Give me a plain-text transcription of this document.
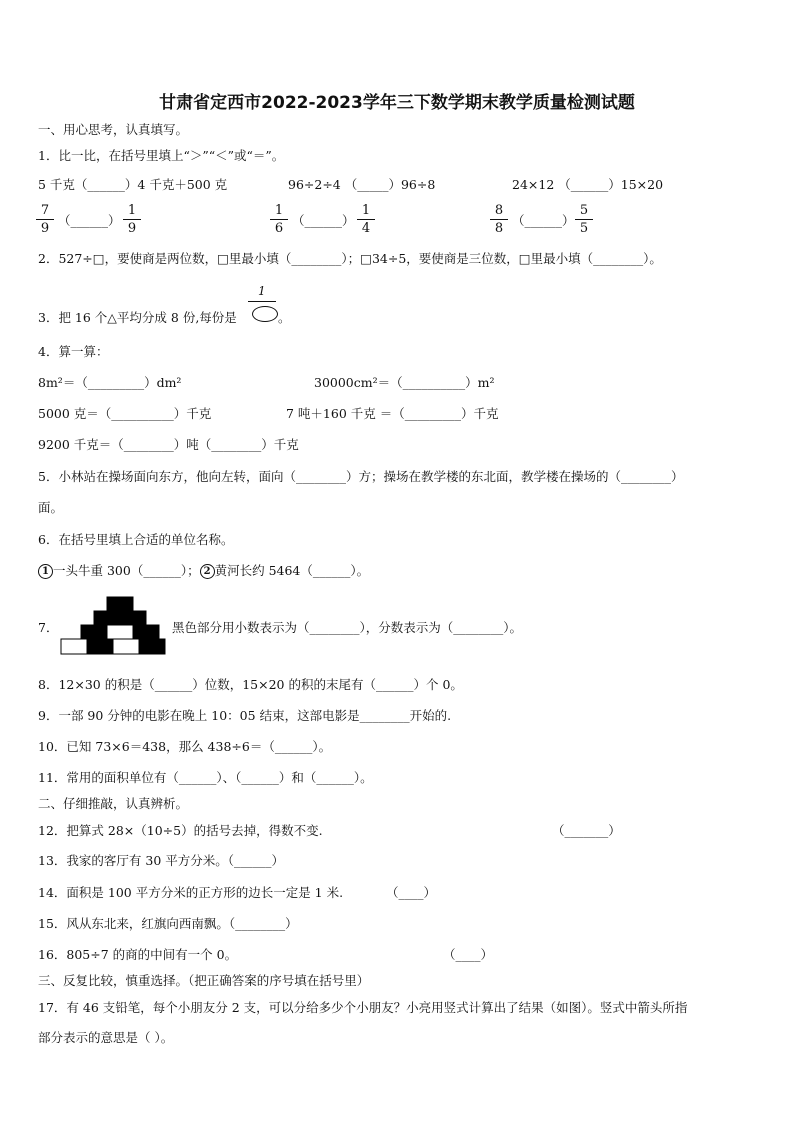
甘肃省定西市2022-2023学年三下数学期末教学质量检测试题
一、用心思考，认真填写。
1．比一比，在括号里填上“＞”“＜”或“＝”。
5 千克（______）4 千克＋500 克	96÷2÷4 （_____）96÷8	24×12 （______）15×20
$\frac{7}{9}$ （______） $\frac{1}{9}$	$\frac{1}{6}$ （______） $\frac{1}{4}$	$\frac{8}{8}$ （______） $\frac{5}{5}$
2．527÷□，要使商是两位数，□里最小填（________）；□34÷5，要使商是三位数，□里最小填（________）。
1
3．把 16 个△平均分成 8 份,每份是	。
4．算一算：
8m²＝（_________）dm²	30000cm²＝（__________）m²
5000 克＝（__________）千克	7 吨＋160 千克 ＝（_________）千克
9200 千克＝（________）吨（________）千克
5．小林站在操场面向东方，他向左转，面向（________）方；操场在教学楼的东北面，教学楼在操场的（________）
面。
6．在括号里填上合适的单位名称。
1 一头牛重 300（______）； 2 黄河长约 5464（______）。
7．	黑色部分用小数表示为（________），分数表示为（________）。
8．12×30 的积是（______）位数，15×20 的积的末尾有（______）个 0。
9．一部 90 分钟的电影在晚上 10：05 结束，这部电影是________开始的.
10．已知 73×6＝438，那么 438÷6＝（______）。
11．常用的面积单位有（______）、（______）和（______）。
二、仔细推敲，认真辨析。
12．把算式 28×（10÷5）的括号去掉，得数不变.	（_______）
13．我家的客厅有 30 平方分米。（______）
14．面积是 100 平方分米的正方形的边长一定是 1 米.	（____）
15．风从东北来，红旗向西南飘。（________）
16．805÷7 的商的中间有一个 0。	（____）
三、反复比较，慎重选择。（把正确答案的序号填在括号里）
17．有 46 支铅笔，每个小朋友分 2 支，可以分给多少个小朋友？小亮用竖式计算出了结果（如图）。竖式中箭头所指
部分表示的意思是（ ）。
